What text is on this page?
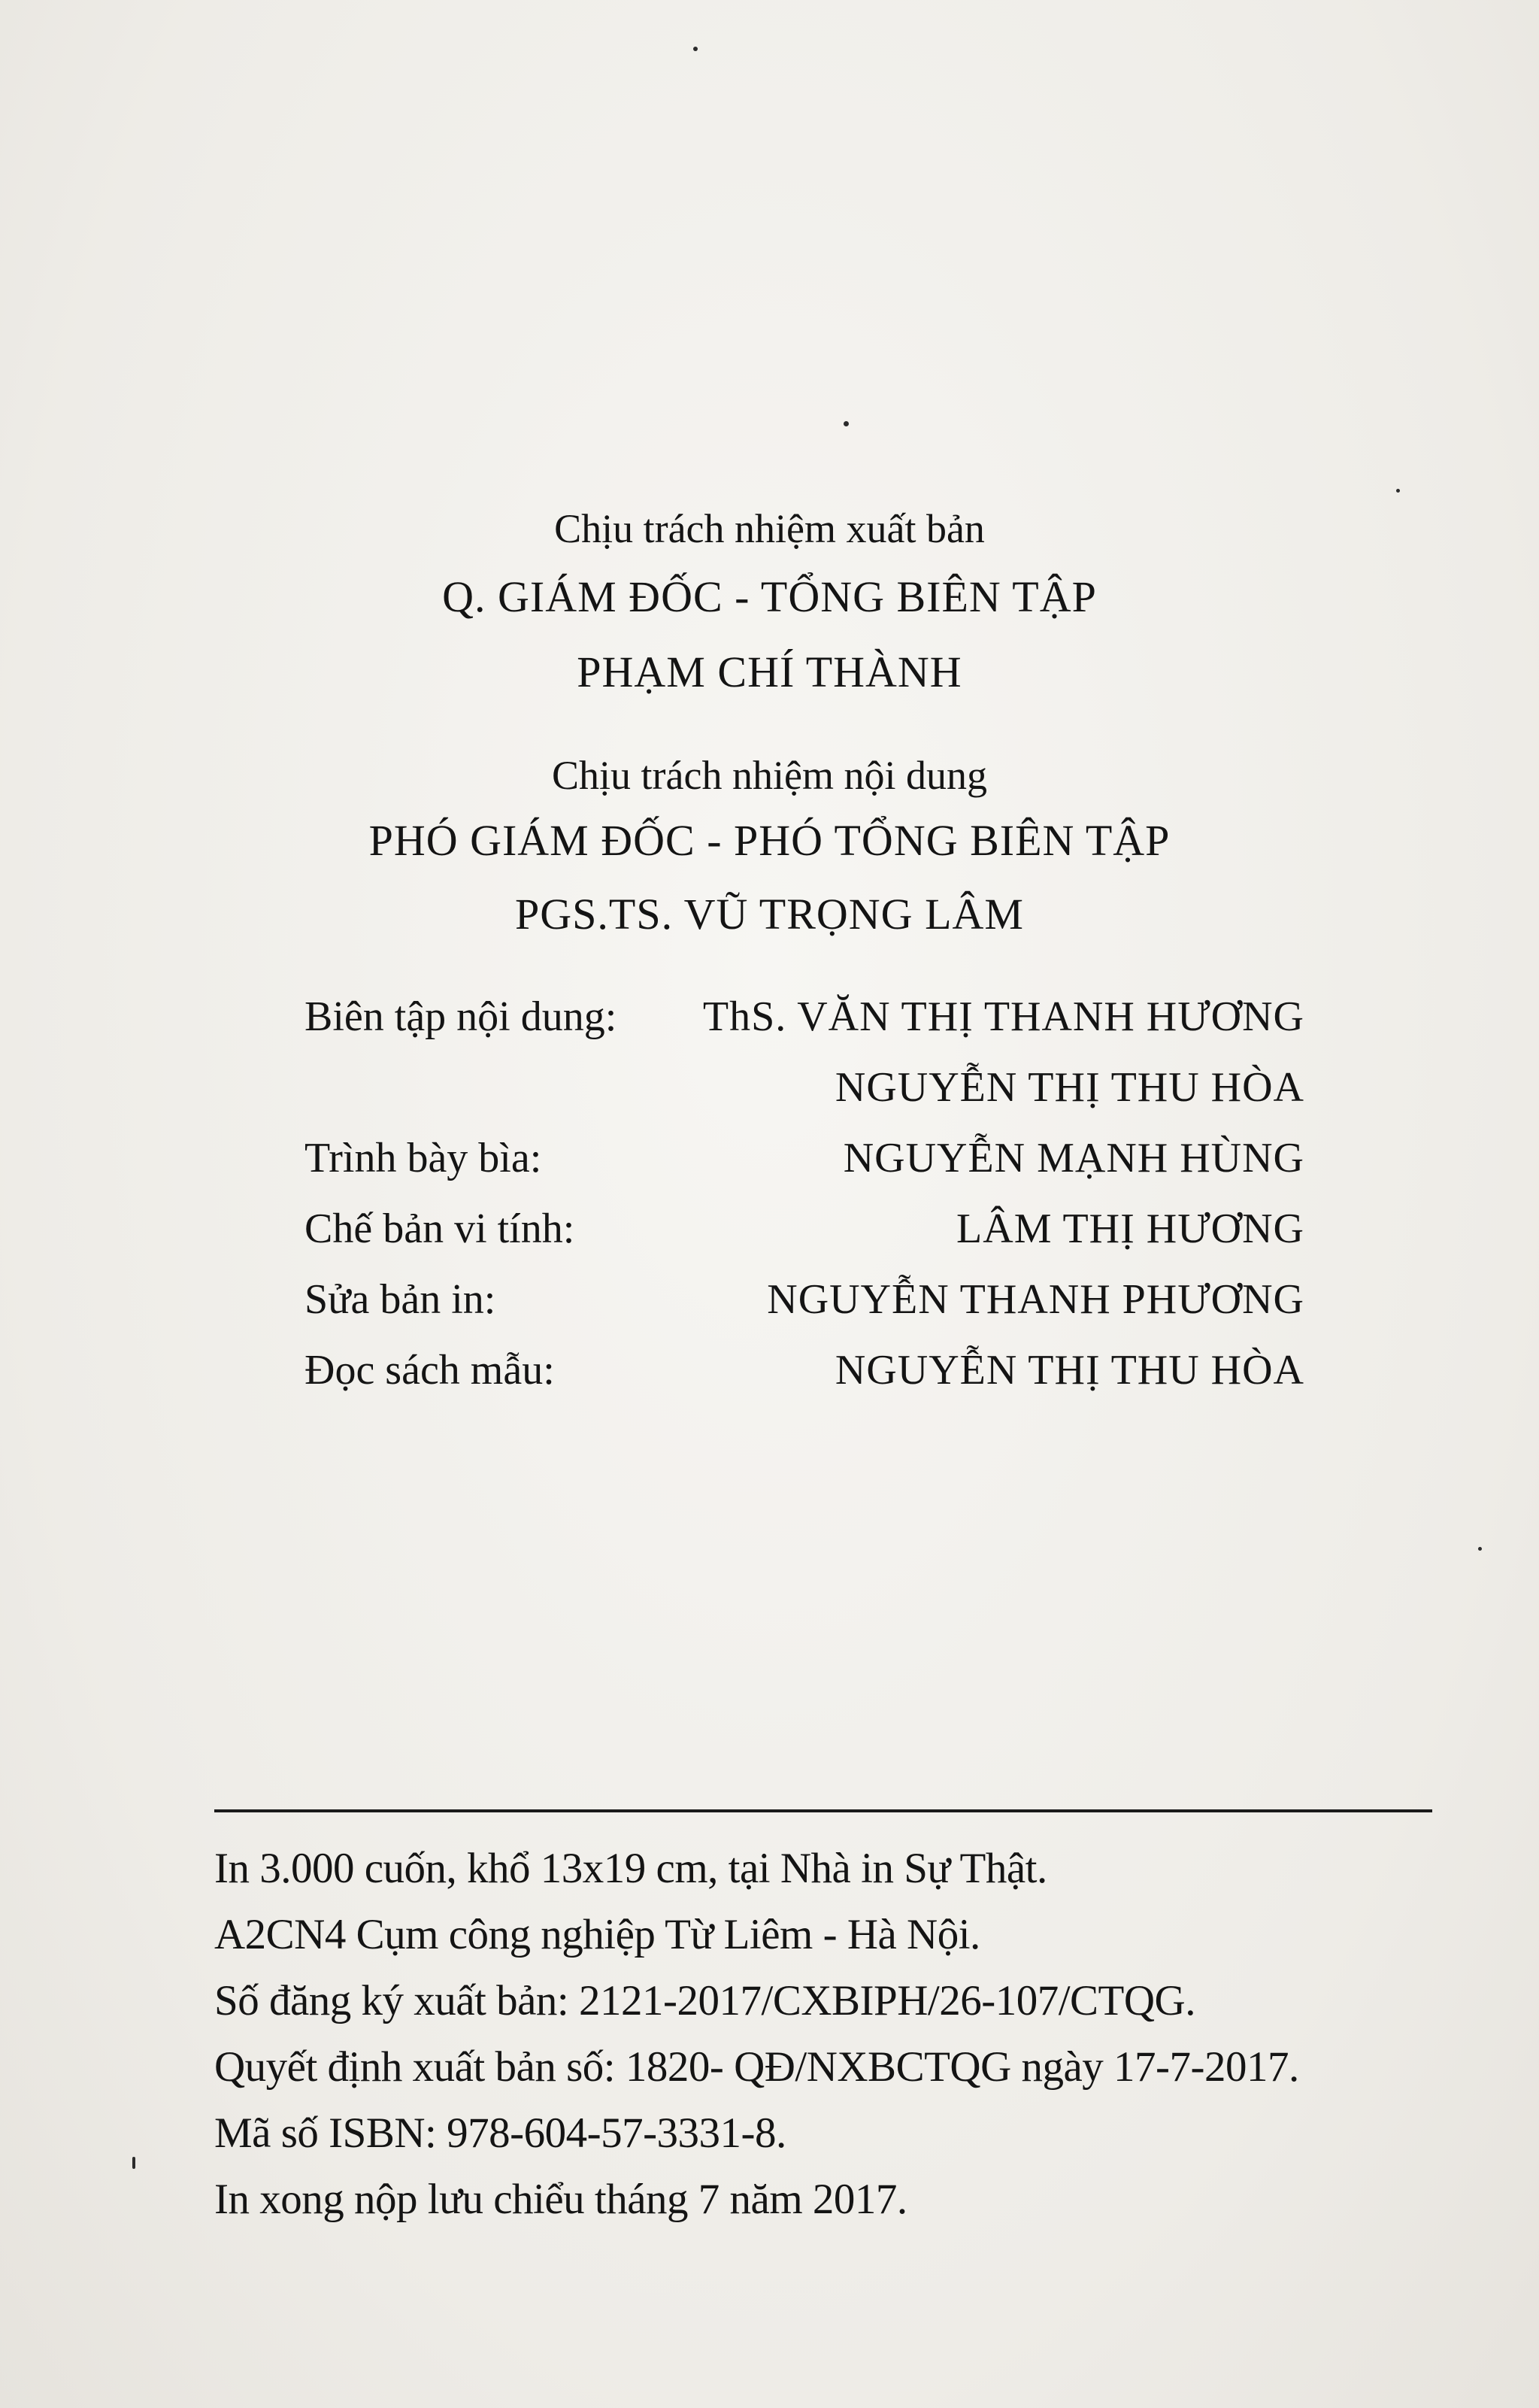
Chịu trách nhiệm xuất bản
Q. GIÁM ĐỐC - TỔNG BIÊN TẬP
PHẠM CHÍ THÀNH
Chịu trách nhiệm nội dung
PHÓ GIÁM ĐỐC - PHÓ TỔNG BIÊN TẬP
PGS.TS. VŨ TRỌNG LÂM
Biên tập nội dung: ThS. VĂN THỊ THANH HƯƠNG
NGUYỄN THỊ THU HÒA
Trình bày bìa:	NGUYỄN MẠNH HÙNG
Chế bản vi tính:	LÂM THỊ HƯƠNG
Sửa bản in:	NGUYỄN THANH PHƯƠNG
Đọc sách mẫu:	NGUYỄN THỊ THU HÒA
In 3.000 cuốn, khổ 13x19 cm, tại Nhà in Sự Thật.
A2CN4 Cụm công nghiệp Từ Liêm - Hà Nội.
Số đăng ký xuất bản: 2121-2017/CXBIPH/26-107/CTQG.
Quyết định xuất bản số: 1820- QĐ/NXBCTQG ngày 17-7-2017.
Mã số ISBN: 978-604-57-3331-8.
In xong nộp lưu chiểu tháng 7 năm 2017.
